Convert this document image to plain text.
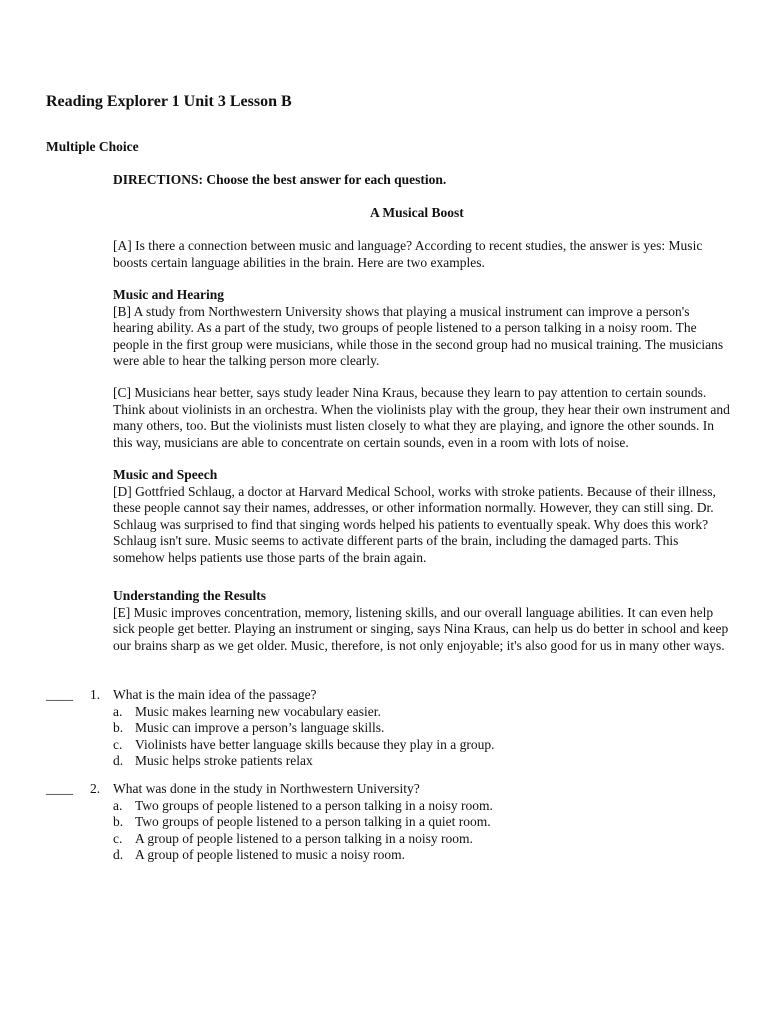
Reading Explorer 1 Unit 3 Lesson B
Multiple Choice

DIRECTIONS: Choose the best answer for each question.

A Musical Boost

[A] Is there a connection between music and language? According to recent studies, the answer is yes: Music boosts certain language abilities in the brain. Here are two examples.

Music and Hearing
[B] A study from Northwestern University shows that playing a musical instrument can improve a person's hearing ability. As a part of the study, two groups of people listened to a person talking in a noisy room. The people in the first group were musicians, while those in the second group had no musical training. The musicians were able to hear the talking person more clearly.

[C] Musicians hear better, says study leader Nina Kraus, because they learn to pay attention to certain sounds. Think about violinists in an orchestra. When the violinists play with the group, they hear their own instrument and many others, too. But the violinists must listen closely to what they are playing, and ignore the other sounds. In this way, musicians are able to concentrate on certain sounds, even in a room with lots of noise.

Music and Speech
[D] Gottfried Schlaug, a doctor at Harvard Medical School, works with stroke patients. Because of their illness, these people cannot say their names, addresses, or other information normally. However, they can still sing. Dr. Schlaug was surprised to find that singing words helped his patients to eventually speak. Why does this work? Schlaug isn't sure. Music seems to activate different parts of the brain, including the damaged parts. This somehow helps patients use those parts of the brain again.

Understanding the Results
[E] Music improves concentration, memory, listening skills, and our overall language abilities. It can even help sick people get better. Playing an instrument or singing, says Nina Kraus, can help us do better in school and keep our brains sharp as we get older. Music, therefore, is not only enjoyable; it's also good for us in many other ways.

____ 1. What is the main idea of the passage?
a. Music makes learning new vocabulary easier.
b. Music can improve a person’s language skills.
c. Violinists have better language skills because they play in a group.
d. Music helps stroke patients relax
____ 2. What was done in the study in Northwestern University?
a. Two groups of people listened to a person talking in a noisy room.
b. Two groups of people listened to a person talking in a quiet room.
c. A group of people listened to a person talking in a noisy room.
d. A group of people listened to music a noisy room.
